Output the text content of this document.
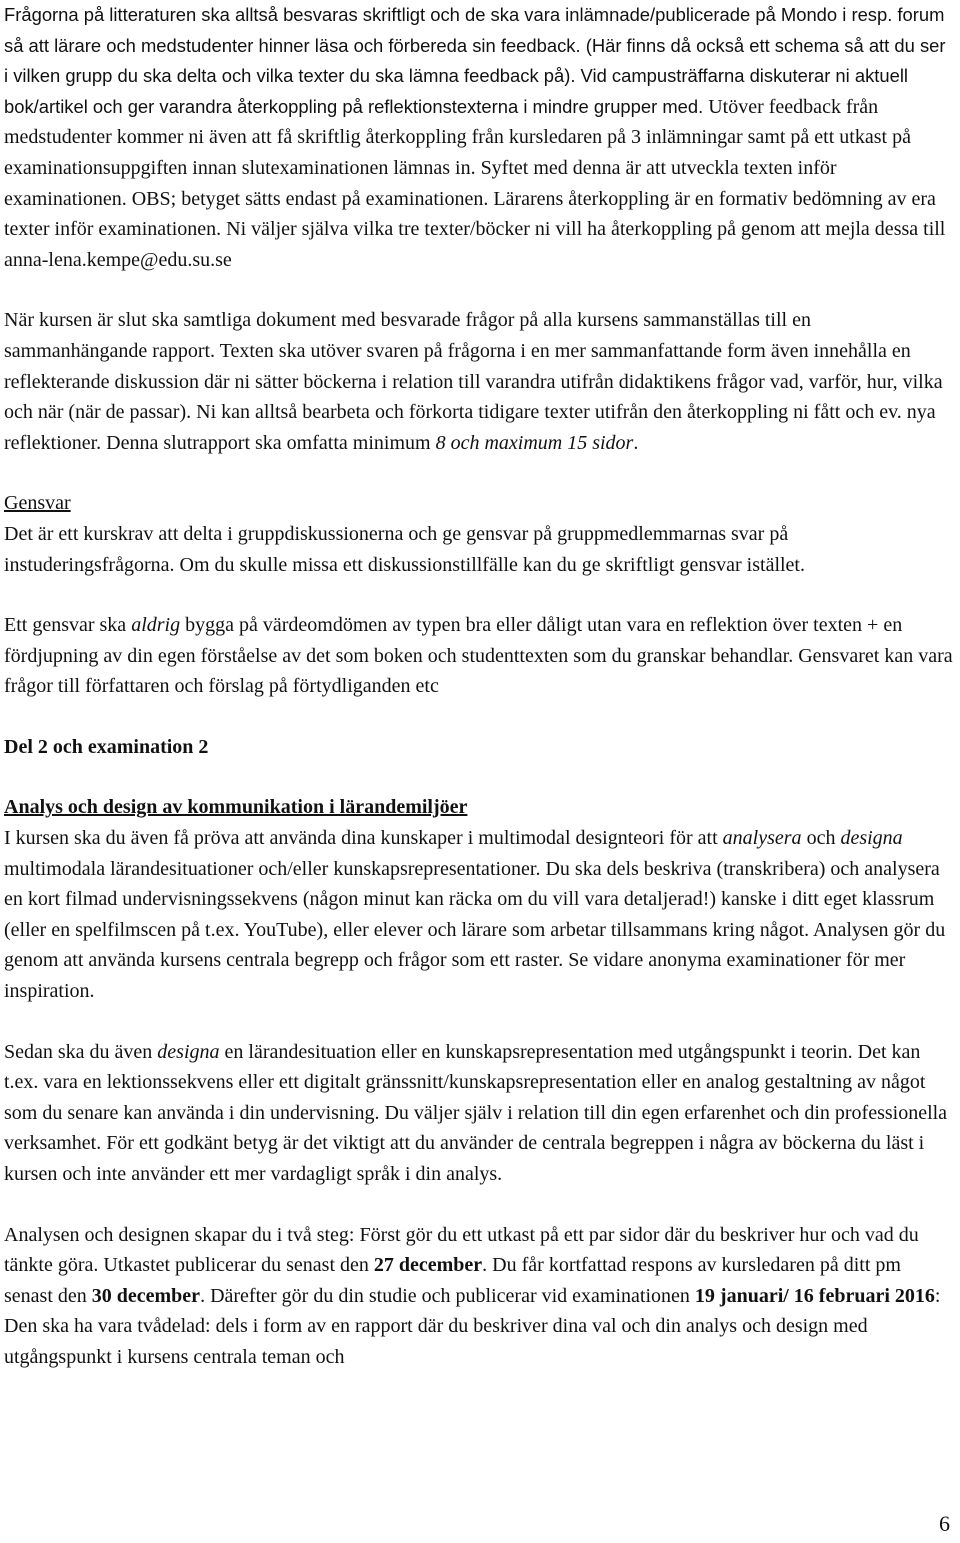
Frågorna på litteraturen ska alltså besvaras skriftligt och de ska vara inlämnade/publicerade på Mondo i resp. forum så att lärare och medstudenter hinner läsa och förbereda sin feedback. (Här finns då också ett schema så att du ser i vilken grupp du ska delta och vilka texter du ska lämna feedback på). Vid campusträffarna diskuterar ni aktuell bok/artikel och ger varandra återkoppling på reflektionstexterna i mindre grupper med. Utöver feedback från medstudenter kommer ni även att få skriftlig återkoppling från kursledaren på 3 inlämningar samt på ett utkast på examinationsuppgiften innan slutexaminationen lämnas in. Syftet med denna är att utveckla texten inför examinationen. OBS; betyget sätts endast på examinationen. Lärarens återkoppling är en formativ bedömning av era texter inför examinationen. Ni väljer själva vilka tre texter/böcker ni vill ha återkoppling på genom att mejla dessa till anna-lena.kempe@edu.su.se

När kursen är slut ska samtliga dokument med besvarade frågor på alla kursens sammanställas till en sammanhängande rapport. Texten ska utöver svaren på frågorna i en mer sammanfattande form även innehålla en reflekterande diskussion där ni sätter böckerna i relation till varandra utifrån didaktikens frågor vad, varför, hur, vilka och när (när de passar). Ni kan alltså bearbeta och förkorta tidigare texter utifrån den återkoppling ni fått och ev. nya reflektioner. Denna slutrapport ska omfatta minimum 8 och maximum 15 sidor.

Gensvar

Det är ett kurskrav att delta i gruppdiskussionerna och ge gensvar på gruppmedlemmarnas svar på instuderingsfrågorna. Om du skulle missa ett diskussionstillfälle kan du ge skriftligt gensvar istället.

Ett gensvar ska aldrig bygga på värdeomdömen av typen bra eller dåligt utan vara en reflektion över texten + en fördjupning av din egen förståelse av det som boken och studenttexten som du granskar behandlar. Gensvaret kan vara frågor till författaren och förslag på förtydliganden etc

Del 2 och examination 2

Analys och design av kommunikation i lärandemiljöer

I kursen ska du även få pröva att använda dina kunskaper i multimodal designteori för att analysera och designa multimodala lärandesituationer och/eller kunskapsrepresentationer. Du ska dels beskriva (transkribera) och analysera en kort filmad undervisningssekvens (någon minut kan räcka om du vill vara detaljerad!) kanske i ditt eget klassrum (eller en spelfilmscen på t.ex. YouTube), eller elever och lärare som arbetar tillsammans kring något. Analysen gör du genom att använda kursens centrala begrepp och frågor som ett raster. Se vidare anonyma examinationer för mer inspiration.

Sedan ska du även designa en lärandesituation eller en kunskapsrepresentation med utgångspunkt i teorin. Det kan t.ex. vara en lektionssekvens eller ett digitalt gränssnitt/kunskapsrepresentation eller en analog gestaltning av något som du senare kan använda i din undervisning. Du väljer själv i relation till din egen erfarenhet och din professionella verksamhet. För ett godkänt betyg är det viktigt att du använder de centrala begreppen i några av böckerna du läst i kursen och inte använder ett mer vardagligt språk i din analys.

Analysen och designen skapar du i två steg: Först gör du ett utkast på ett par sidor där du beskriver hur och vad du tänkte göra. Utkastet publicerar du senast den 27 december. Du får kortfattad respons av kursledaren på ditt pm senast den 30 december. Därefter gör du din studie och publicerar vid examinationen 19 januari/ 16 februari 2016: Den ska ha vara tvådelad: dels i form av en rapport där du beskriver dina val och din analys och design med utgångspunkt i kursens centrala teman och

6
